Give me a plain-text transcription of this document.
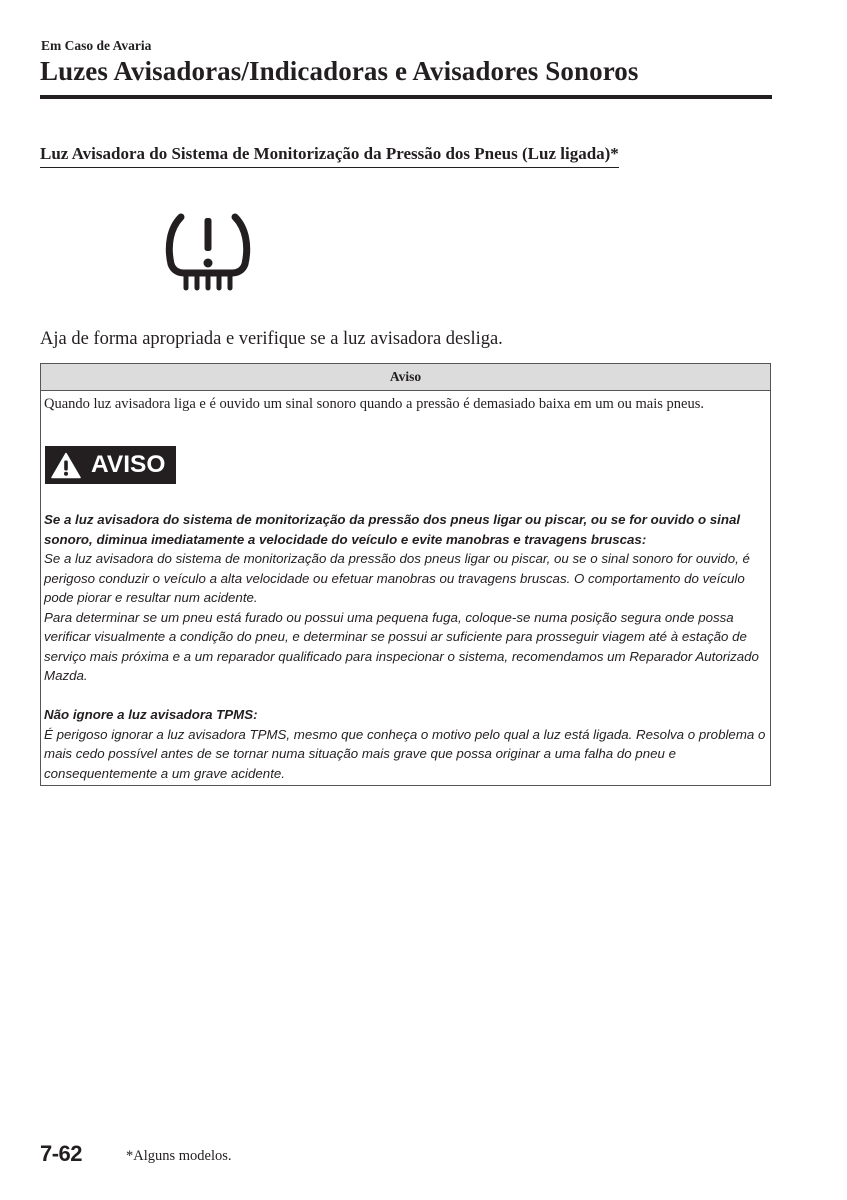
Em Caso de Avaria
Luzes Avisadoras/Indicadoras e Avisadores Sonoros
Luz Avisadora do Sistema de Monitorização da Pressão dos Pneus (Luz ligada)*

Aja de forma apropriada e verifique se a luz avisadora desliga.

Aviso

Quando luz avisadora liga e é ouvido um sinal sonoro quando a pressão é demasiado baixa em um ou mais pneus.

AVISO

Se a luz avisadora do sistema de monitorização da pressão dos pneus ligar ou piscar, ou se for ouvido o sinal sonoro, diminua imediatamente a velocidade do veículo e evite manobras e travagens bruscas:

Se a luz avisadora do sistema de monitorização da pressão dos pneus ligar ou piscar, ou se o sinal sonoro for ouvido, é perigoso conduzir o veículo a alta velocidade ou efetuar manobras ou travagens bruscas. O comportamento do veículo pode piorar e resultar num acidente.

Para determinar se um pneu está furado ou possui uma pequena fuga, coloque-se numa posição segura onde possa verificar visualmente a condição do pneu, e determinar se possui ar suficiente para prosseguir viagem até à estação de serviço mais próxima e a um reparador qualificado para inspecionar o sistema, recomendamos um Reparador Autorizado Mazda.

Não ignore a luz avisadora TPMS:

É perigoso ignorar a luz avisadora TPMS, mesmo que conheça o motivo pelo qual a luz está ligada. Resolva o problema o mais cedo possível antes de se tornar numa situação mais grave que possa originar a uma falha do pneu e consequentemente a um grave acidente.

7-62	*Alguns modelos.
